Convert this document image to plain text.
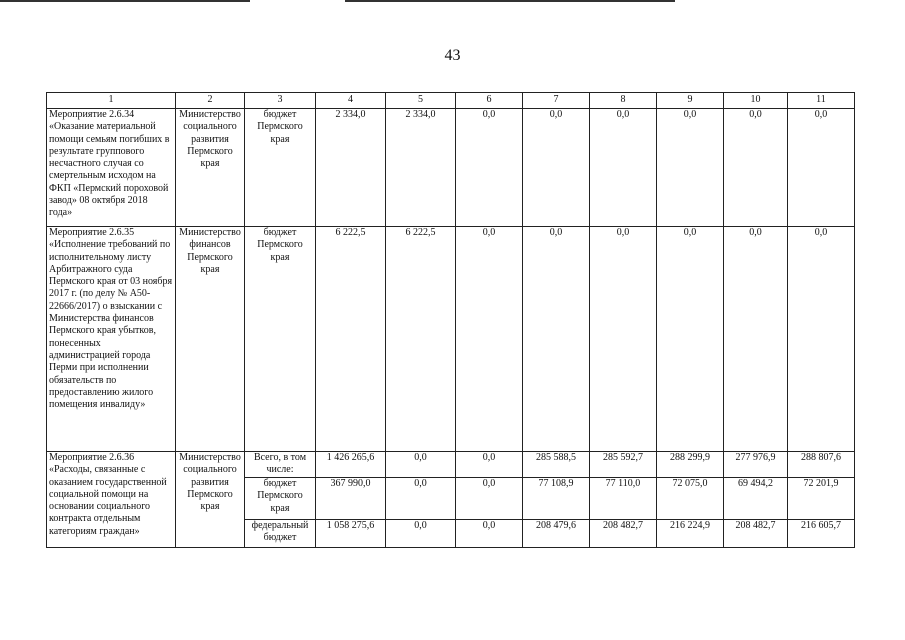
43
1	2	3	4	5	6	7	8	9	10	11
Мероприятие 2.6.34 «Оказание материальной помощи семьям погибших в результате группового несчастного случая со смертельным исходом на ФКП «Пермский пороховой завод» 08 октября 2018 года»	Министерство социального развития Пермского края	бюджет Пермского края	2 334,0	2 334,0	0,0	0,0	0,0	0,0	0,0	0,0
Мероприятие 2.6.35 «Исполнение требований по исполнительному листу Арбитражного суда Пермского края от 03 ноября 2017 г. (по делу № А50-22666/2017) о взыскании с Министерства финансов Пермского края убытков, понесенных администрацией города Перми при исполнении обязательств по предоставлению жилого помещения инвалиду»	Министерство финансов Пермского края	бюджет Пермского края	6 222,5	6 222,5	0,0	0,0	0,0	0,0	0,0	0,0
Мероприятие 2.6.36 «Расходы, связанные с оказанием государственной социальной помощи на основании социального контракта отдельным категориям граждан»	Министерство социального развития Пермского края	Всего, в том числе:	1 426 265,6	0,0	0,0	285 588,5	285 592,7	288 299,9	277 976,9	288 807,6
		бюджет Пермского края	367 990,0	0,0	0,0	77 108,9	77 110,0	72 075,0	69 494,2	72 201,9
		федеральный бюджет	1 058 275,6	0,0	0,0	208 479,6	208 482,7	216 224,9	208 482,7	216 605,7
